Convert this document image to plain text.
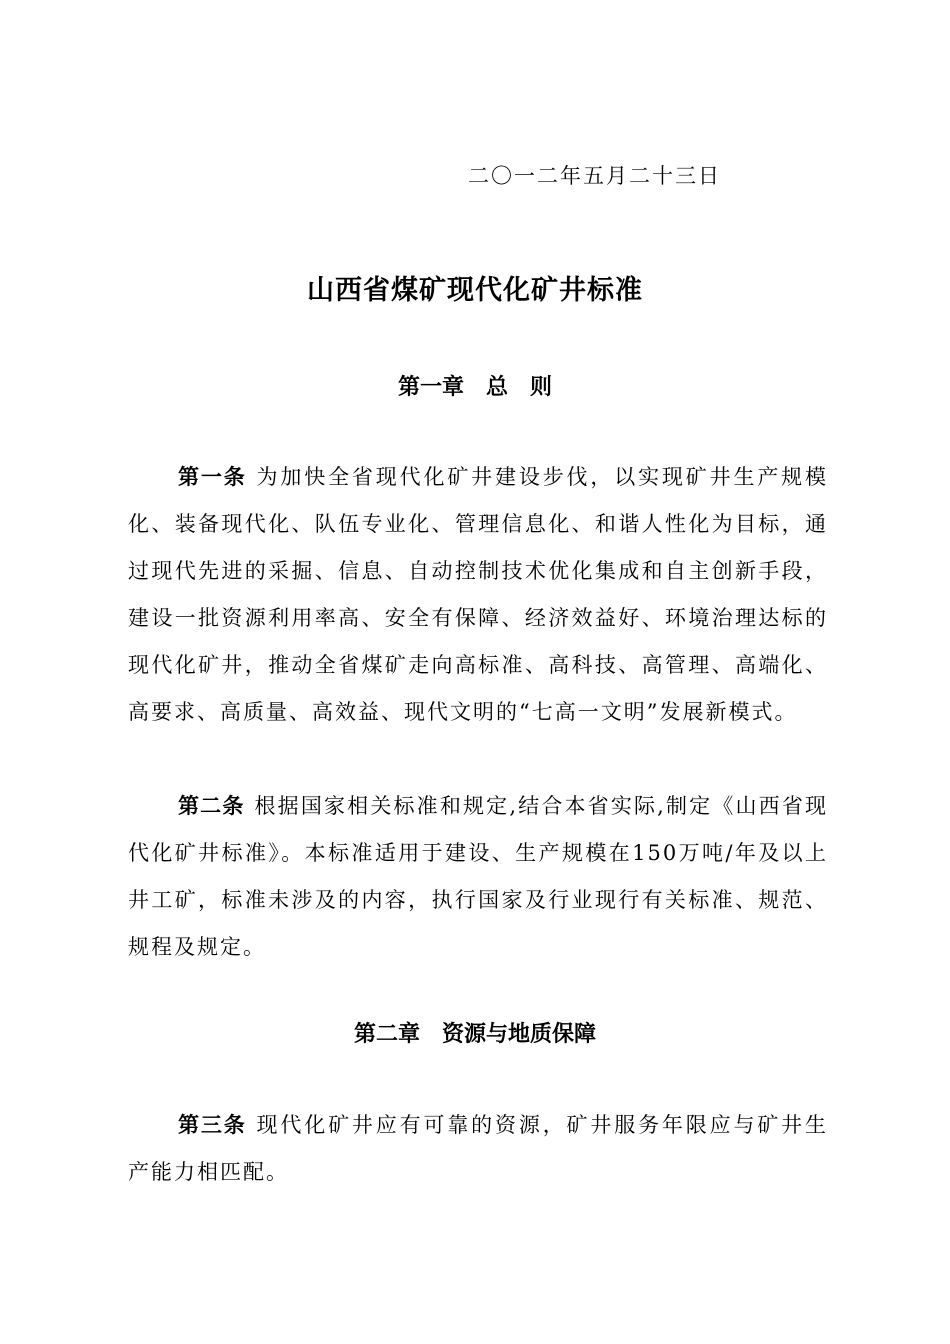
二〇一二年五月二十三日
山西省煤矿现代化矿井标准
第一章　总　则

第一条 为加快全省现代化矿井建设步伐，以实现矿井生产规模化、装备现代化、队伍专业化、管理信息化、和谐人性化为目标，通过现代先进的采掘、信息、自动控制技术优化集成和自主创新手段，建设一批资源利用率高、安全有保障、经济效益好、环境治理达标的现代化矿井，推动全省煤矿走向高标准、高科技、高管理、高端化、高要求、高质量、高效益、现代文明的“七高一文明”发展新模式。

第二条 根据国家相关标准和规定,结合本省实际,制定《山西省现代化矿井标准》。本标准适用于建设、生产规模在150万吨/年及以上井工矿，标准未涉及的内容，执行国家及行业现行有关标准、规范、规程及规定。

第二章　资源与地质保障

第三条 现代化矿井应有可靠的资源，矿井服务年限应与矿井生产能力相匹配。
